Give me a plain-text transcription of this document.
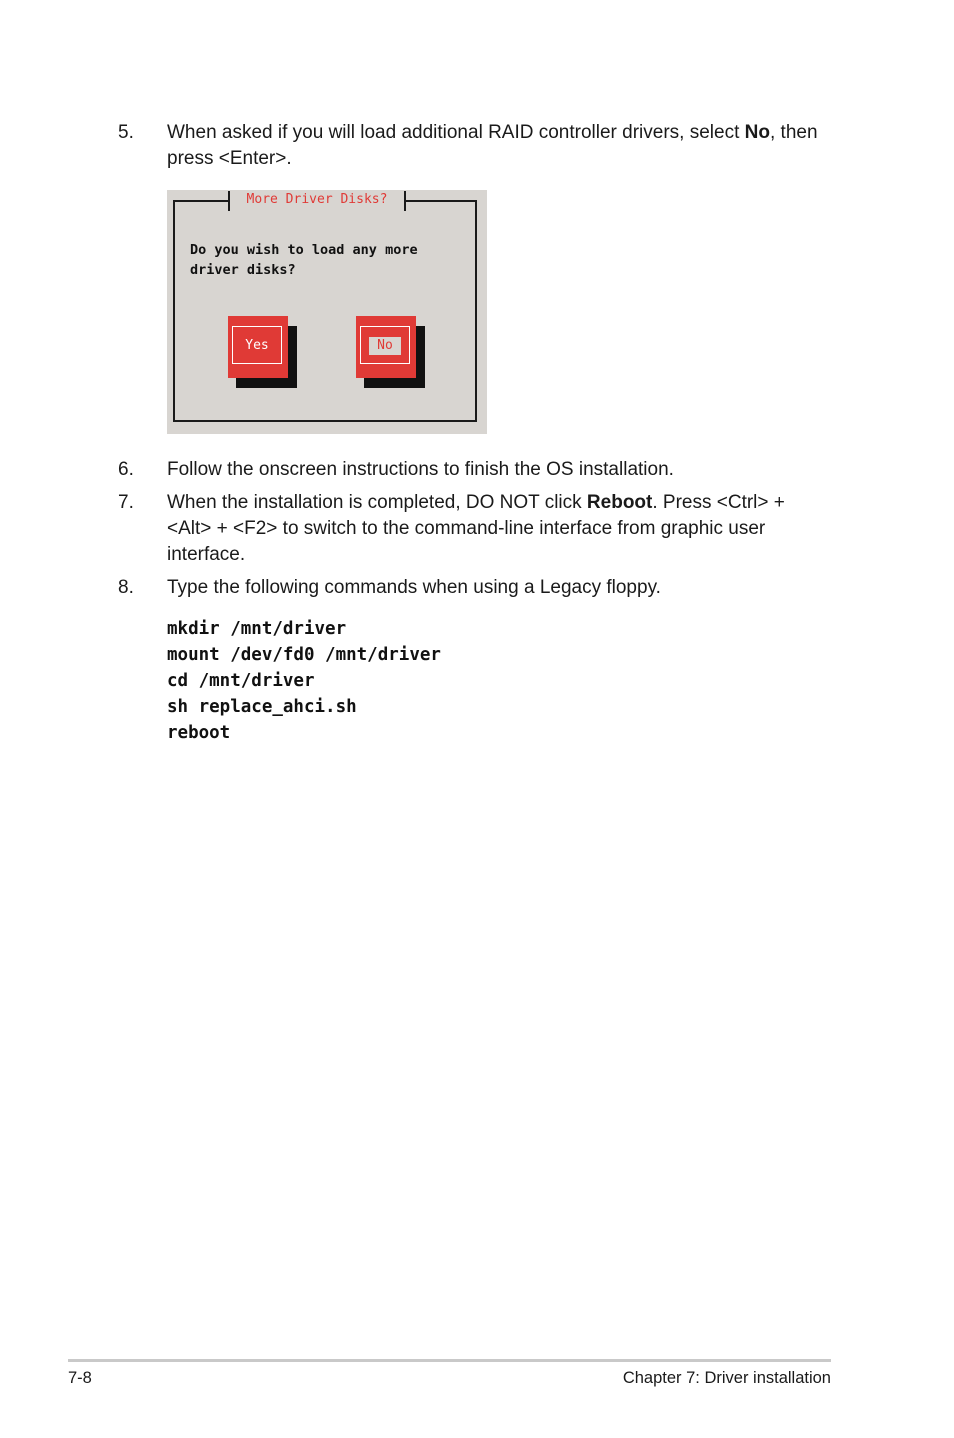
5. When asked if you will load additional RAID controller drivers, select No, then press <Enter>.
More Driver Disks?
Do you wish to load any more
driver disks?
Yes	No
6. Follow the onscreen instructions to finish the OS installation.
7. When the installation is completed, DO NOT click Reboot. Press <Ctrl> + <Alt> + <F2> to switch to the command-line interface from graphic user interface.
8. Type the following commands when using a Legacy floppy.
mkdir /mnt/driver
mount /dev/fd0 /mnt/driver
cd /mnt/driver
sh replace_ahci.sh
reboot
7-8	Chapter 7: Driver installation
